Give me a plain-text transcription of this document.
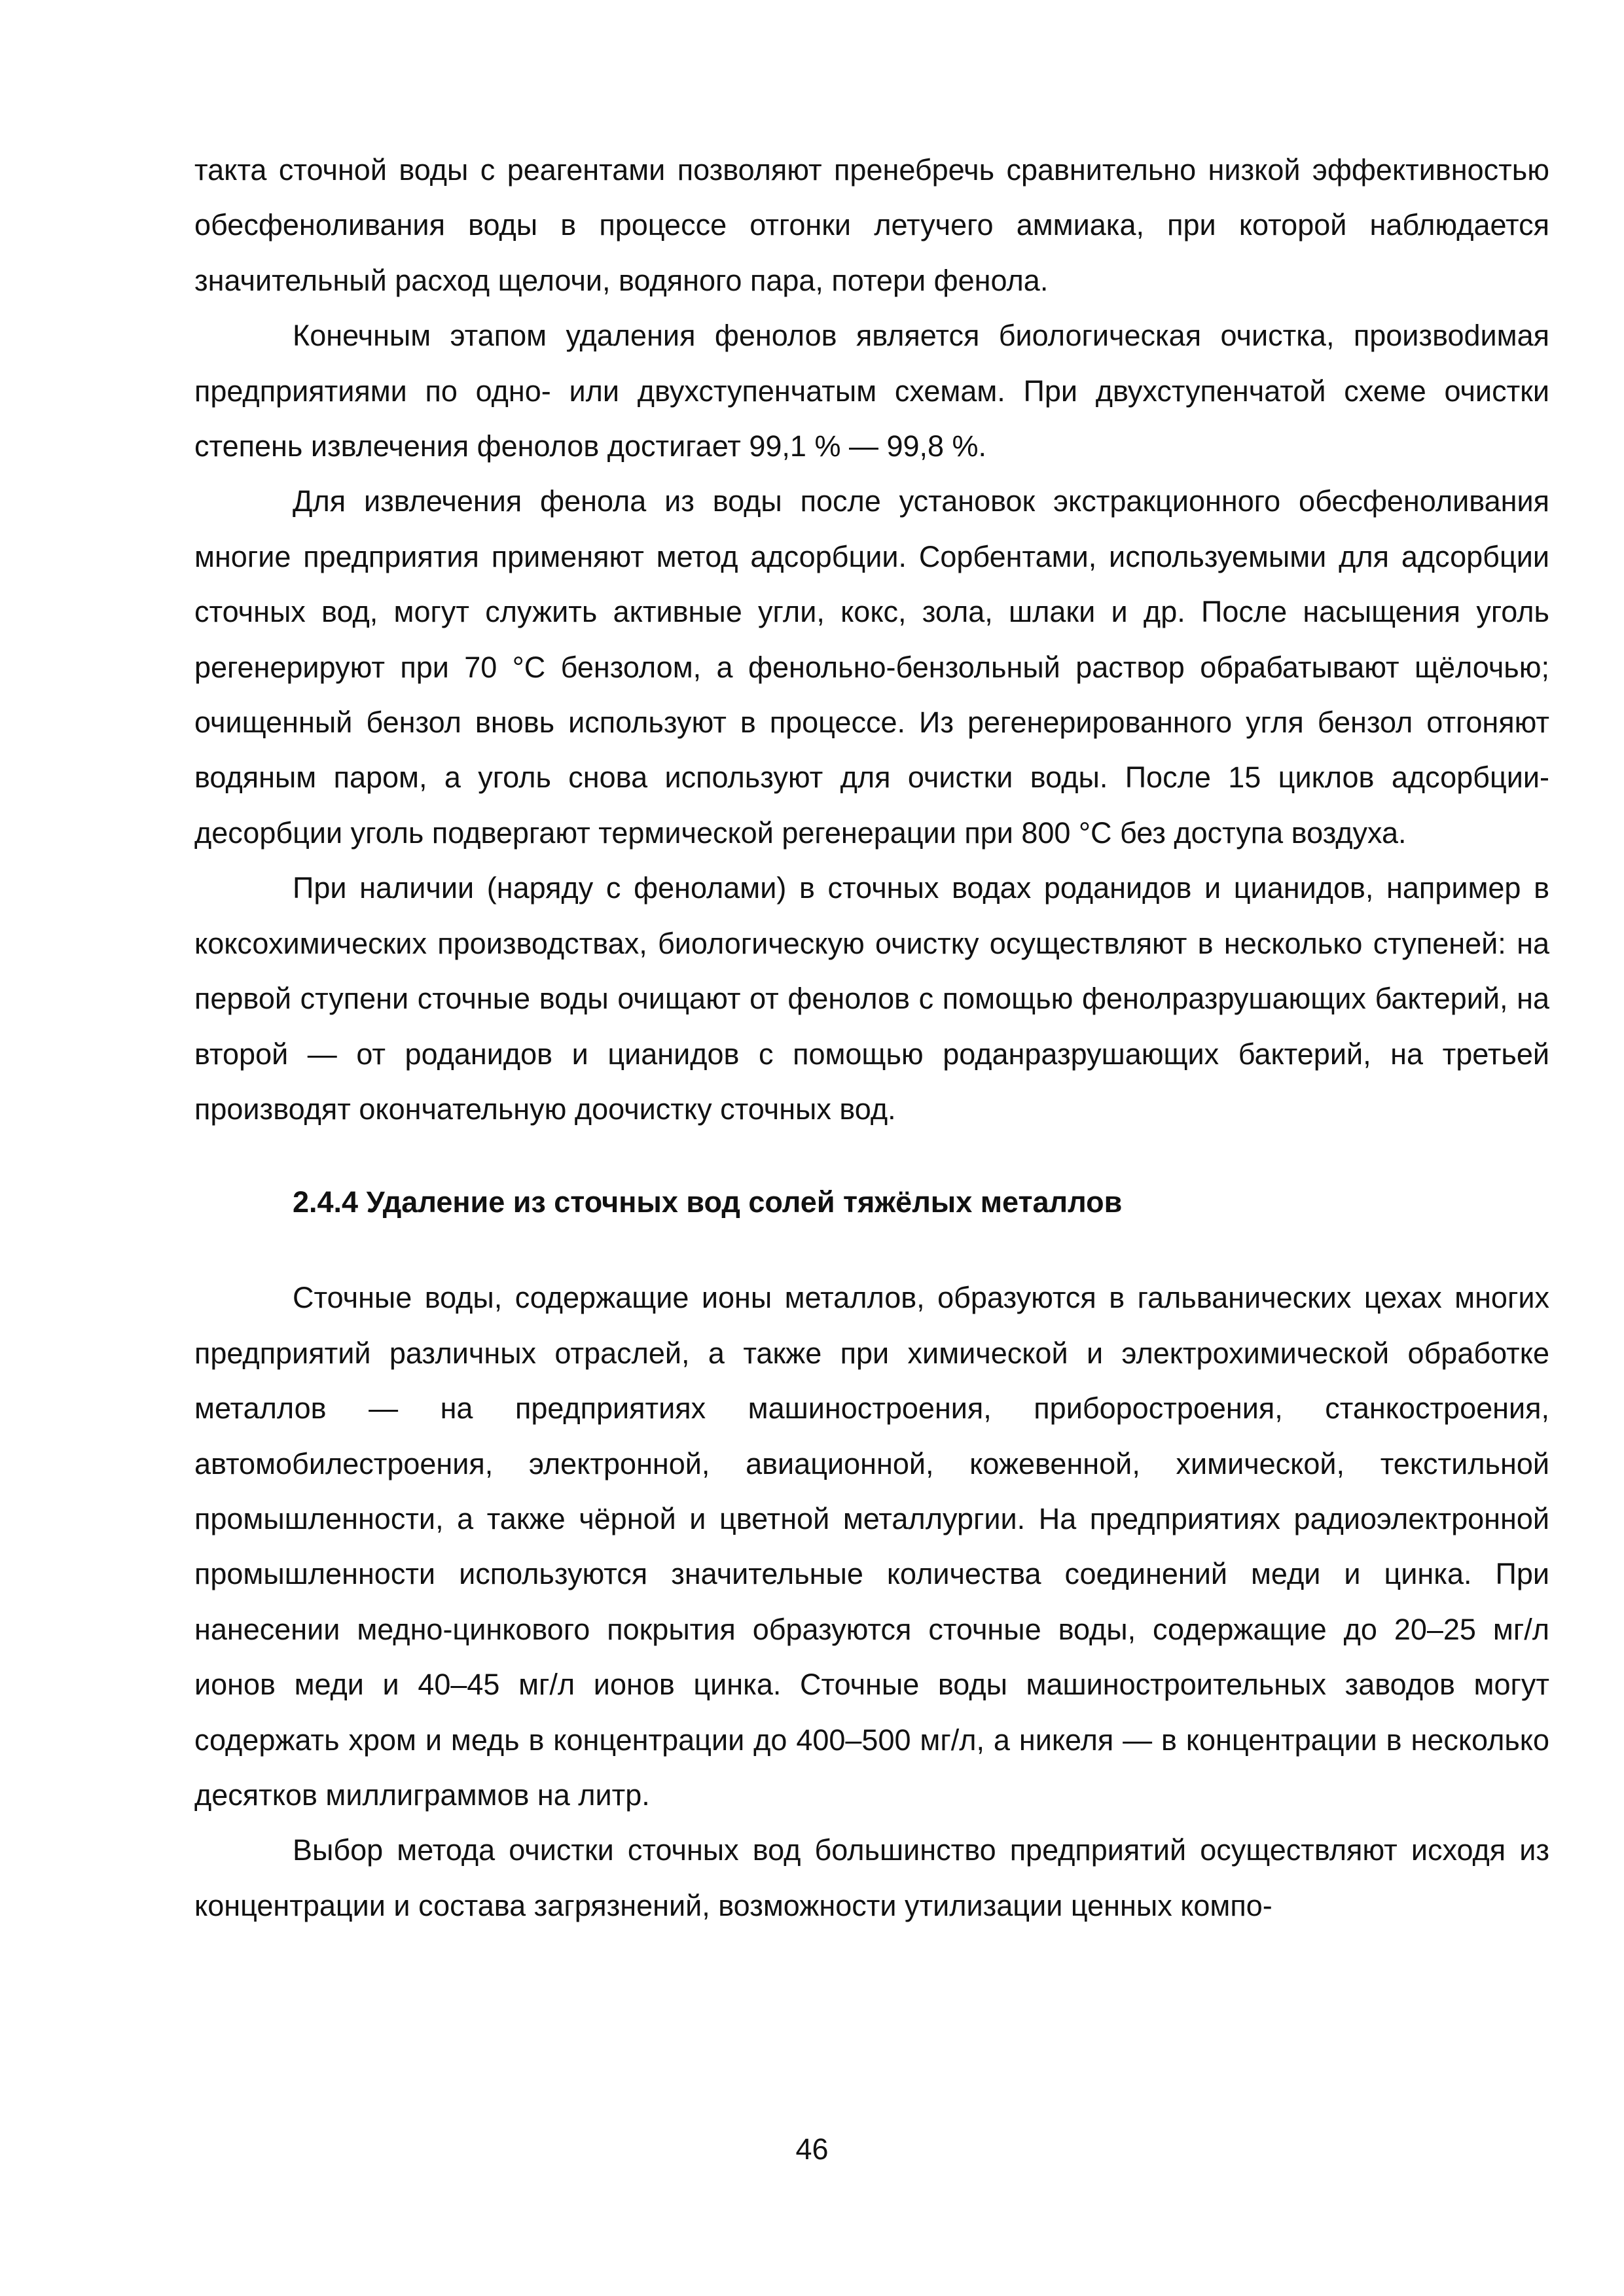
такта сточной воды с реагентами позволяют пренебречь сравнительно низкой эффективностью обесфеноливания воды в процессе отгонки летучего аммиака, при которой наблюдается значительный расход щелочи, водяного пара, потери фенола.

Конечным этапом удаления фенолов является биологическая очистка, произвоdимая предприятиями по одно- или двухступенчатым схемам. При двухступенчатой схеме очистки степень извлечения фенолов достигает 99,1 % — 99,8 %.

Для извлечения фенола из воды после установок экстракционного обесфеноливания многие предприятия применяют метод адсорбции. Сорбентами, используемыми для адсорбции сточных вод, могут служить активные угли, кокс, зола, шлаки и др. После насыщения уголь регенерируют при 70 °С бензолом, а фенольно-бензольный раствор обрабатывают щёлочью; очищенный бензол вновь используют в процессе. Из регенерированного угля бензол отгоняют водяным паром, а уголь снова используют для очистки воды. После 15 циклов адсорбции-десорбции уголь подвергают термической регенерации при 800 °С без доступа воздуха.

При наличии (наряду с фенолами) в сточных водах роданидов и цианидов, например в коксохимических производствах, биологическую очистку осуществляют в несколько ступеней: на первой ступени сточные воды очищают от фенолов с помощью фенолразрушающих бактерий, на второй — от роданидов и цианидов с помощью роданразрушающих бактерий, на третьей производят окончательную доочистку сточных вод.

2.4.4 Удаление из сточных вод солей тяжёлых металлов

Сточные воды, содержащие ионы металлов, образуются в гальванических цехах многих предприятий различных отраслей, а также при химической и электрохимической обработке металлов — на предприятиях машиностроения, приборостроения, станкостроения, автомобилестроения, электронной, авиационной, кожевенной, химической, текстильной промышленности, а также чёрной и цветной металлургии. На предприятиях радиоэлектронной промышленности используются значительные количества соединений меди и цинка. При нанесении медно-цинкового покрытия образуются сточные воды, содержащие до 20–25 мг/л ионов меди и 40–45 мг/л ионов цинка. Сточные воды машиностроительных заводов могут содержать хром и медь в концентрации до 400–500 мг/л, а никеля — в концентрации в несколько десятков миллиграммов на литр.

Выбор метода очистки сточных вод большинство предприятий осуществляют исходя из концентрации и состава загрязнений, возможности утилизации ценных компо-

46
